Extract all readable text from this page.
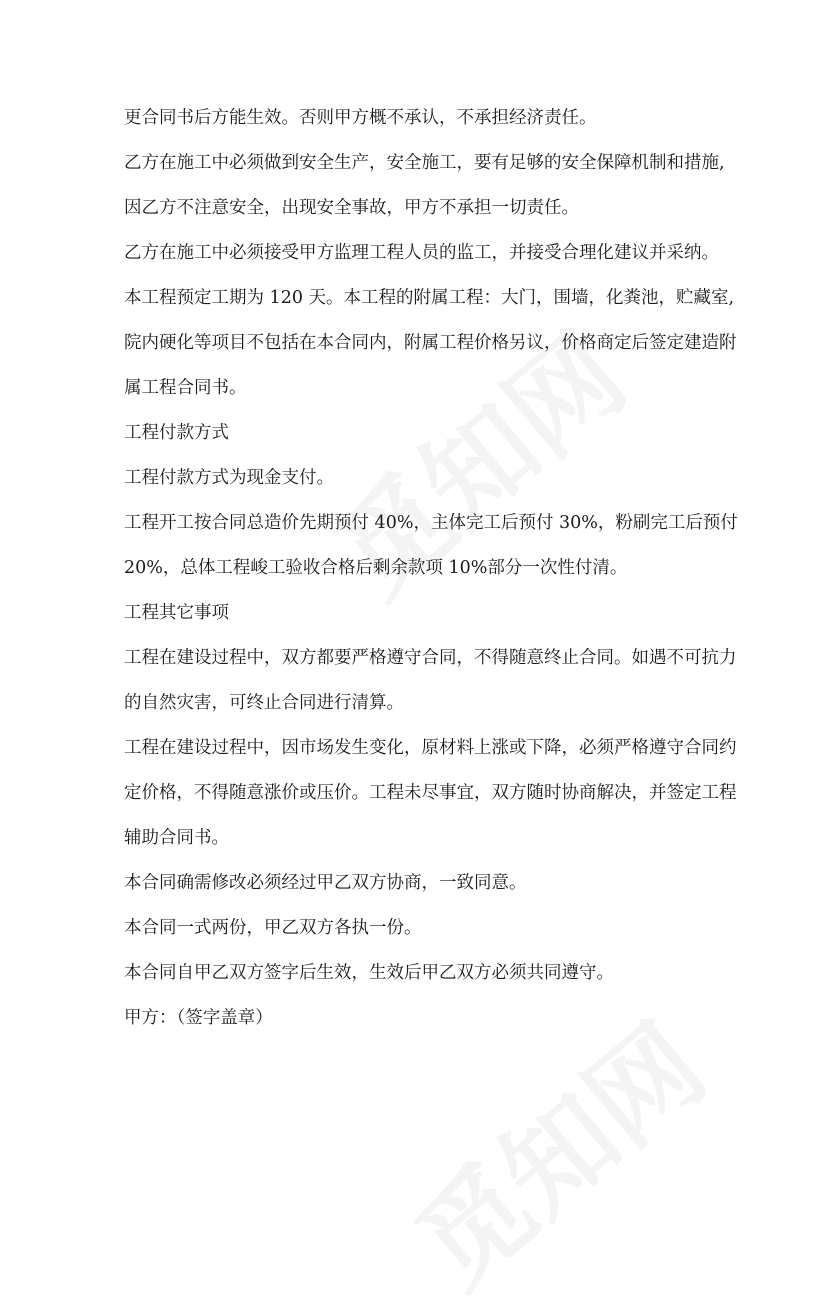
更合同书后方能生效。否则甲方概不承认，不承担经济责任。
乙方在施工中必须做到安全生产，安全施工，要有足够的安全保障机制和措施,
因乙方不注意安全，出现安全事故，甲方不承担一切责任。
乙方在施工中必须接受甲方监理工程人员的监工，并接受合理化建议并采纳。
本工程预定工期为 120 天。本工程的附属工程：大门，围墙，化粪池，贮藏室,
院内硬化等项目不包括在本合同内，附属工程价格另议，价格商定后签定建造附
属工程合同书。
工程付款方式
工程付款方式为现金支付。
工程开工按合同总造价先期预付 40%，主体完工后预付 30%，粉刷完工后预付
20%，总体工程峻工验收合格后剩余款项 10%部分一次性付清。
工程其它事项
工程在建设过程中，双方都要严格遵守合同，不得随意终止合同。如遇不可抗力
的自然灾害，可终止合同进行清算。
工程在建设过程中，因市场发生变化，原材料上涨或下降，必须严格遵守合同约
定价格，不得随意涨价或压价。工程未尽事宜，双方随时协商解决，并签定工程
辅助合同书。
本合同确需修改必须经过甲乙双方协商，一致同意。
本合同一式两份，甲乙双方各执一份。
本合同自甲乙双方签字后生效，生效后甲乙双方必须共同遵守。
甲方：（签字盖章）
